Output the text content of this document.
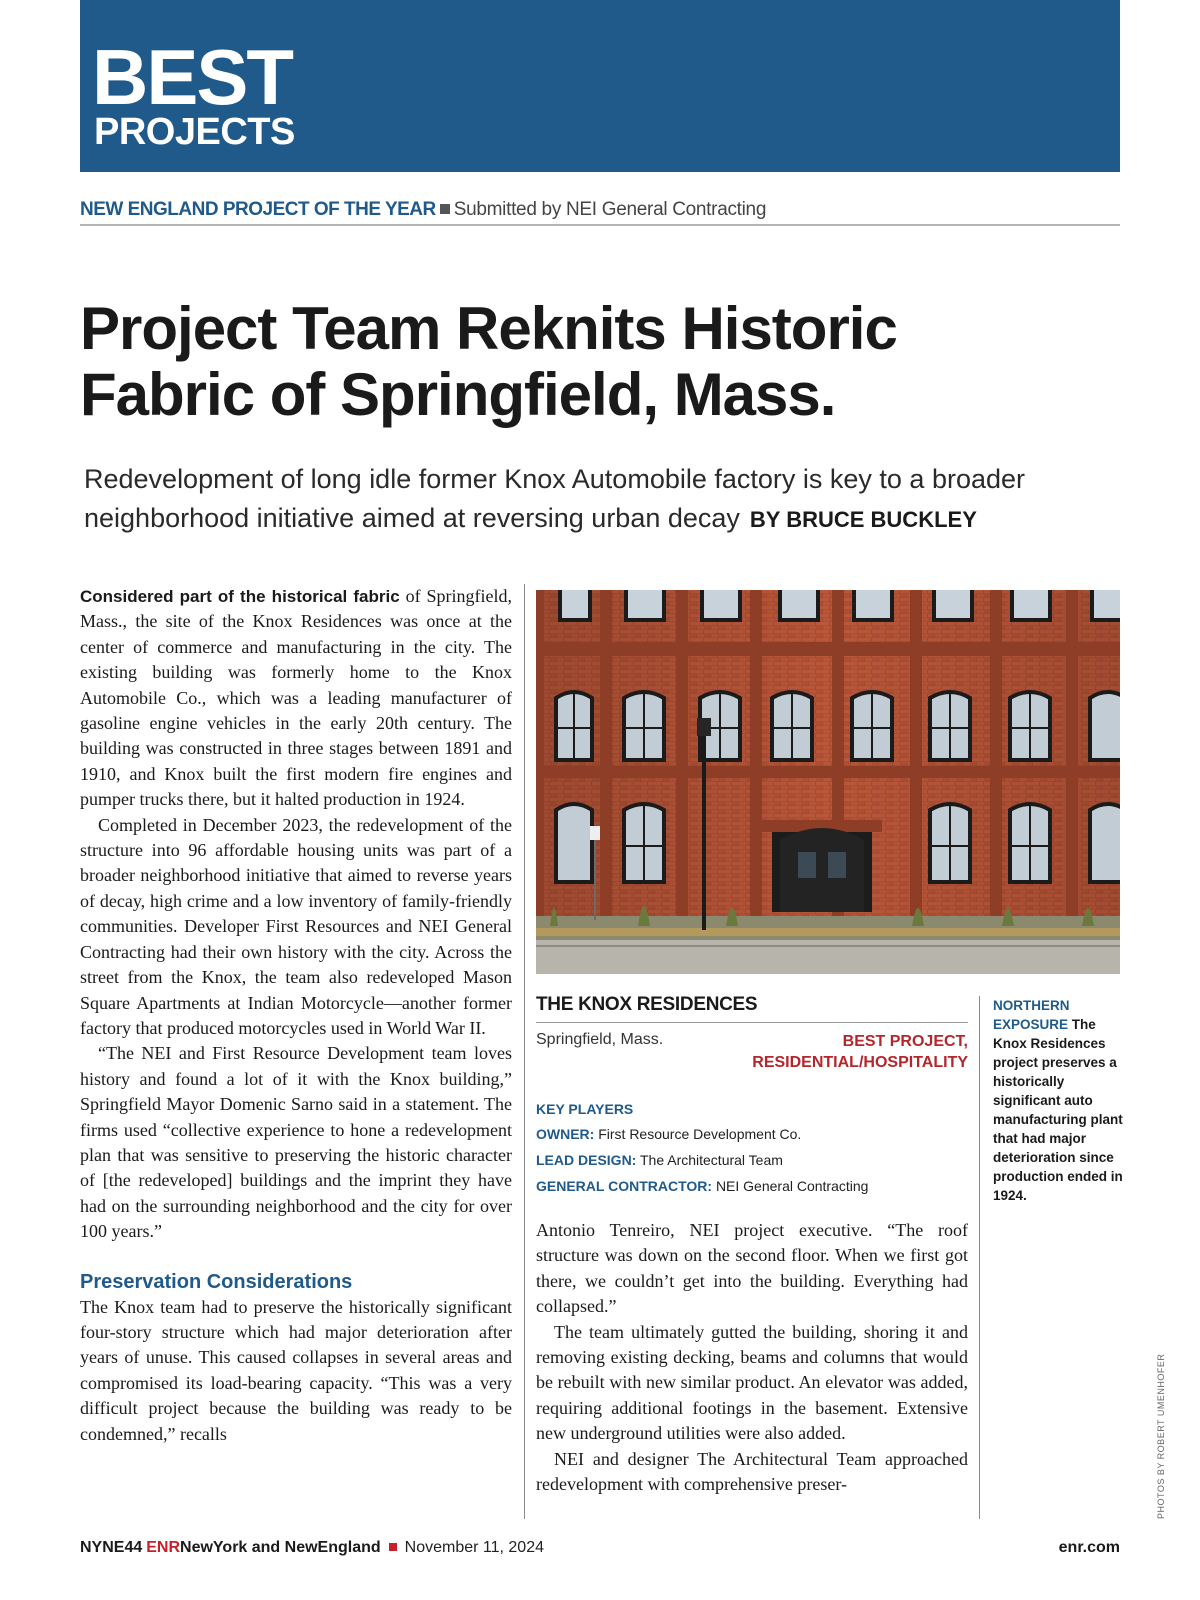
BEST
PROJECTS
NEW ENGLAND PROJECT OF THE YEAR Submitted by NEI General Contracting
Project Team Reknits Historic
Fabric of Springfield, Mass.
Redevelopment of long idle former Knox Automobile factory is key to a broader neighborhood initiative aimed at reversing urban decay BY BRUCE BUCKLEY

Considered part of the historical fabric of Springfield, Mass., the site of the Knox Residences was once at the center of commerce and manufacturing in the city. The existing building was formerly home to the Knox Automobile Co., which was a leading manufacturer of gasoline engine vehicles in the early 20th century. The building was constructed in three stages between 1891 and 1910, and Knox built the first modern fire engines and pumper trucks there, but it halted production in 1924.

Completed in December 2023, the redevelopment of the structure into 96 affordable housing units was part of a broader neighborhood initiative that aimed to reverse years of decay, high crime and a low inventory of family-friendly communities. Developer First Resources and NEI General Contracting had their own history with the city. Across the street from the Knox, the team also redeveloped Mason Square Apartments at Indian Motorcycle—another former factory that produced motorcycles used in World War II.

“The NEI and First Resource Development team loves history and found a lot of it with the Knox building,” Springfield Mayor Domenic Sarno said in a statement. The firms used “collective experience to hone a redevelopment plan that was sensitive to preserving the historic character of [the redeveloped] buildings and the imprint they have had on the surrounding neighborhood and the city for over 100 years.”

Preservation Considerations

The Knox team had to preserve the historically significant four-story structure which had major deterioration after years of unuse. This caused collapses in several areas and compromised its load-bearing capacity. “This was a very difficult project because the building was ready to be condemned,” recalls

THE KNOX RESIDENCES
Springfield, Mass.	BEST PROJECT,
RESIDENTIAL/HOSPITALITY
KEY PLAYERS
OWNER: First Resource Development Co.
LEAD DESIGN: The Architectural Team
GENERAL CONTRACTOR: NEI General Contracting

Antonio Tenreiro, NEI project executive. “The roof structure was down on the second floor. When we first got there, we couldn’t get into the building. Everything had collapsed.”

The team ultimately gutted the building, shoring it and removing existing decking, beams and columns that would be rebuilt with new similar product. An elevator was added, requiring additional footings in the basement. Extensive new underground utilities were also added.

NEI and designer The Architectural Team approached redevelopment with comprehensive preser-

NORTHERN EXPOSURE The Knox Residences project preserves a historically significant auto manufacturing plant that had major deterioration since production ended in 1924.
PHOTOS BY ROBERT UMENHOFER
NYNE44 ENRNewYork and NewEngland November 11, 2024	enr.com
